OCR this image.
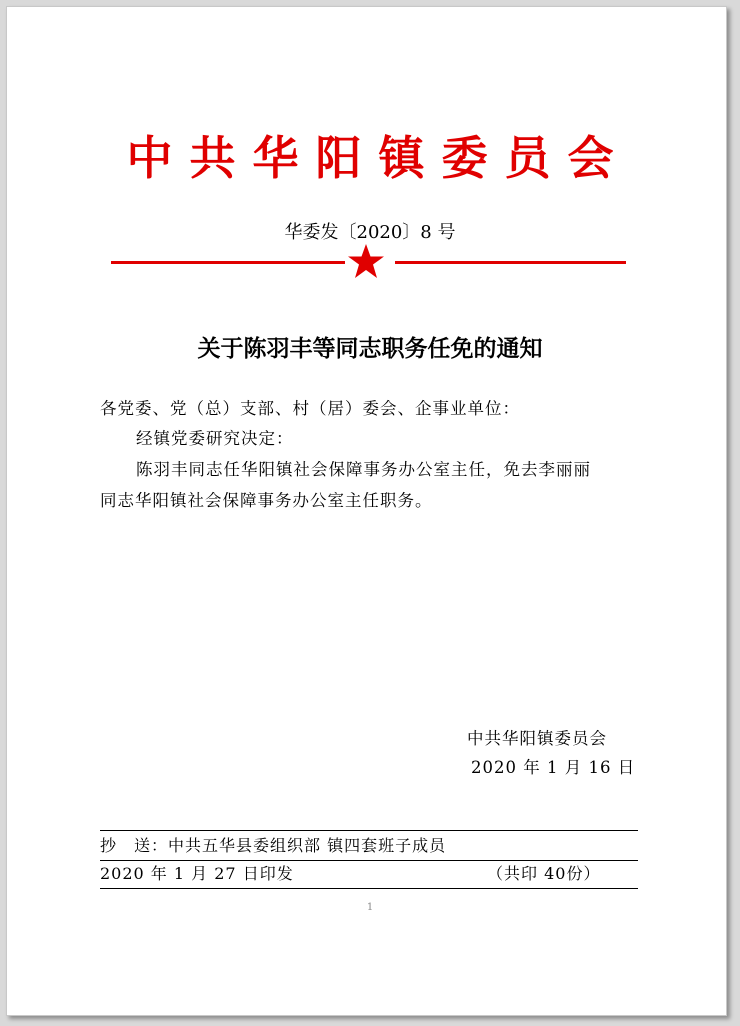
中共华阳镇委员会
华委发〔2020〕8 号
关于陈羽丰等同志职务任免的通知
各党委、党（总）支部、村（居）委会、企事业单位：
经镇党委研究决定：
陈羽丰同志任华阳镇社会保障事务办公室主任，免去李丽丽
同志华阳镇社会保障事务办公室主任职务。
中共华阳镇委员会
2020 年 1 月 16 日
抄　送：中共五华县委组织部 镇四套班子成员
2020 年 1 月 27 日印发	（共印 40份）
1
